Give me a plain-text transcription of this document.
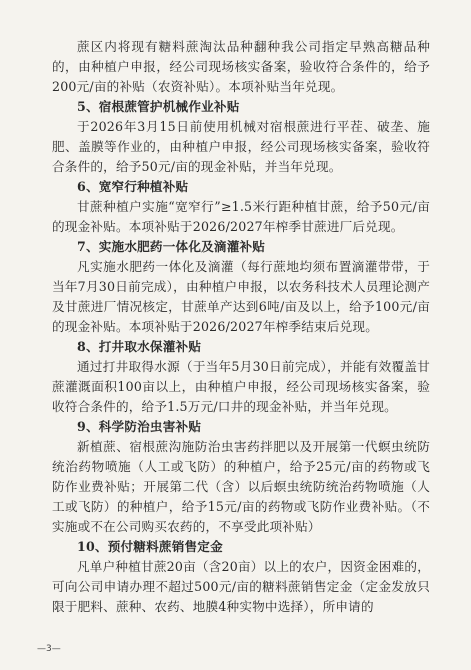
蔗区内将现有糖料蔗淘汰品种翻种我公司指定早熟高糖品种的，由种植户申报，经公司现场核实备案，验收符合条件的，给予200元/亩的补贴（农资补贴）。本项补贴当年兑现。

5、宿根蔗管护机械作业补贴

于2026年3月15日前使用机械对宿根蔗进行平茬、破垄、施肥、盖膜等作业的，由种植户申报，经公司现场核实备案，验收符合条件的，给予50元/亩的现金补贴，并当年兑现。

6、宽窄行种植补贴

甘蔗种植户实施“宽窄行”≥1.5米行距种植甘蔗，给予50元/亩的现金补贴。本项补贴于2026/2027年榨季甘蔗进厂后兑现。

7、实施水肥药一体化及滴灌补贴

凡实施水肥药一体化及滴灌（每行蔗地均须布置滴灌带带，于当年7月30日前完成），由种植户申报，以农务科技术人员理论测产及甘蔗进厂情况核定，甘蔗单产达到6吨/亩及以上，给予100元/亩的现金补贴。本项补贴于2026/2027年榨季结束后兑现。

8、打井取水保灌补贴

通过打井取得水源（于当年5月30日前完成），并能有效覆盖甘蔗灌溉面积100亩以上，由种植户申报，经公司现场核实备案，验收符合条件的，给予1.5万元/口井的现金补贴，并当年兑现。

9、科学防治虫害补贴

新植蔗、宿根蔗沟施防治虫害药拌肥以及开展第一代螟虫统防统治药物喷施（人工或飞防）的种植户，给予25元/亩的药物或飞防作业费补贴；开展第二代（含）以后螟虫统防统治药物喷施（人工或飞防）的种植户，给予15元/亩的药物或飞防作业费补贴。（不实施或不在公司购买农药的，不享受此项补贴）

10、预付糖料蔗销售定金

凡单户种植甘蔗20亩（含20亩）以上的农户，因资金困难的，可向公司申请办理不超过500元/亩的糖料蔗销售定金（定金发放只限于肥料、蔗种、农药、地膜4种实物中选择），所申请的

—3—
